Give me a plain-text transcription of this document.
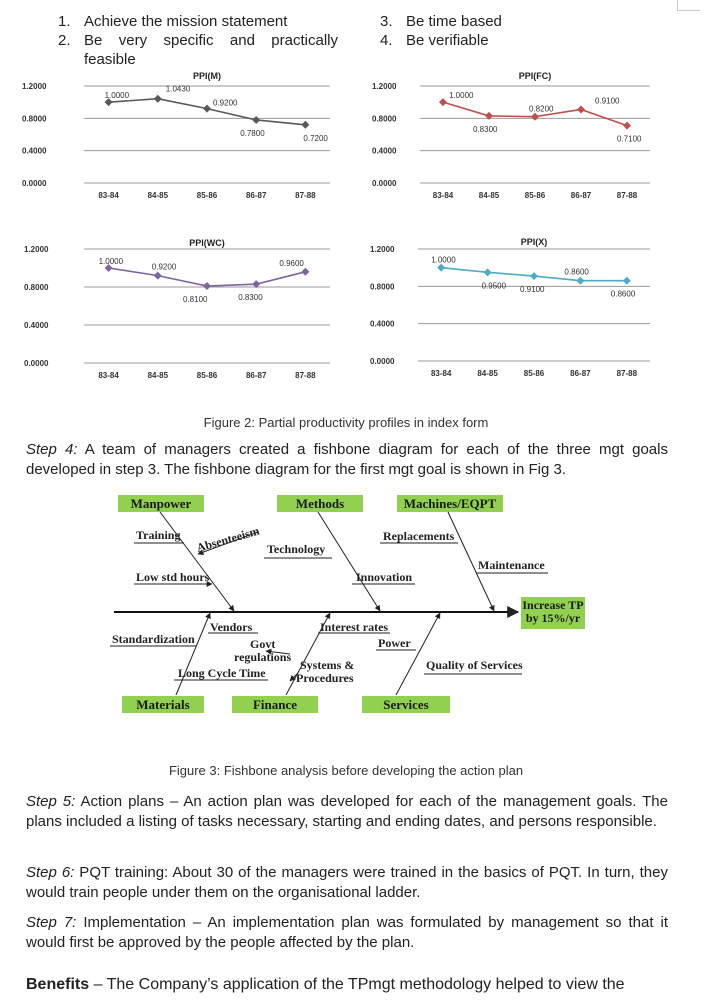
1. Achieve the mission statement
2. Be very specific and practically feasible
3. Be time based
4. Be verifiable
1.2000
0.8000
0.4000
0.0000
PPI(M)
83-84	84-85	85-86	86-87	87-88
1.0000
1.0430
0.9200
0.7800
0.7200
1.2000
0.8000
0.4000
0.0000
PPI(FC)
83-84	84-85	85-86	86-87	87-88
1.0000
0.8300
0.8200
0.9100
0.7100
1.2000
0.8000
0.4000
0.0000
PPI(WC)
83-84	84-85	85-86	86-87	87-88
1.0000
0.9200
0.8100	0.8300
0.9600
1.2000
0.8000
0.4000
0.0000
PPI(X)
83-84	84-85	85-86	86-87	87-88
1.0000
0.9500 0.9100
0.8600
0.8600
Figure 2: Partial productivity profiles in index form
Step 4: A team of managers created a fishbone diagram for each of the three mgt goals developed in step 3. The fishbone diagram for the first mgt goal is shown in Fig 3.
Manpower	Methods	Machines/EQPT
Materials	Finance	Services
Increase TP
by 15%/yr
Training Absenteeism
Low std hours
Technology
Innovation
Replacements
Maintenance
Standardization
Vendors
Govt
regulations
Long Cycle Time
Interest rates
Power
Systems &
Procedures
Quality of Services
Figure 3: Fishbone analysis before developing the action plan
Step 5: Action plans – An action plan was developed for each of the management goals. The plans included a listing of tasks necessary, starting and ending dates, and persons responsible.
Step 6: PQT training: About 30 of the managers were trained in the basics of PQT. In turn, they would train people under them on the organisational ladder.
Step 7: Implementation – An implementation plan was formulated by management so that it would first be approved by the people affected by the plan.
Benefits – The Company’s application of the TPmgt methodology helped to view the
